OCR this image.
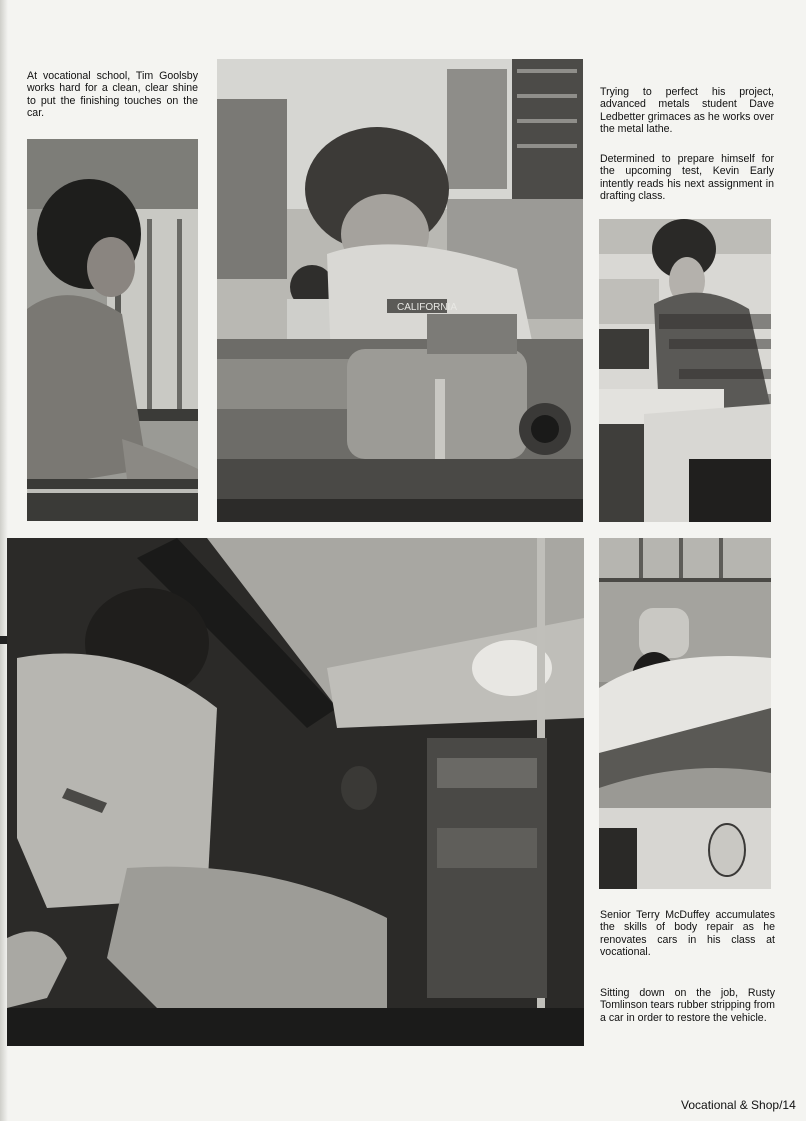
At vocational school, Tim Goolsby works hard for a clean, clear shine to put the finishing touches on the car.
Trying to perfect his project, advanced metals student Dave Ledbetter grimaces as he works over the metal lathe.
Determined to prepare himself for the upcoming test, Kevin Early intently reads his next assignment in drafting class.
Senior Terry McDuffey accumulates the skills of body repair as he renovates cars in his class at vocational.
Sitting down on the job, Rusty Tomlinson tears rubber stripping from a car in order to restore the vehicle.
CALIFORNIA
Vocational & Shop/14
